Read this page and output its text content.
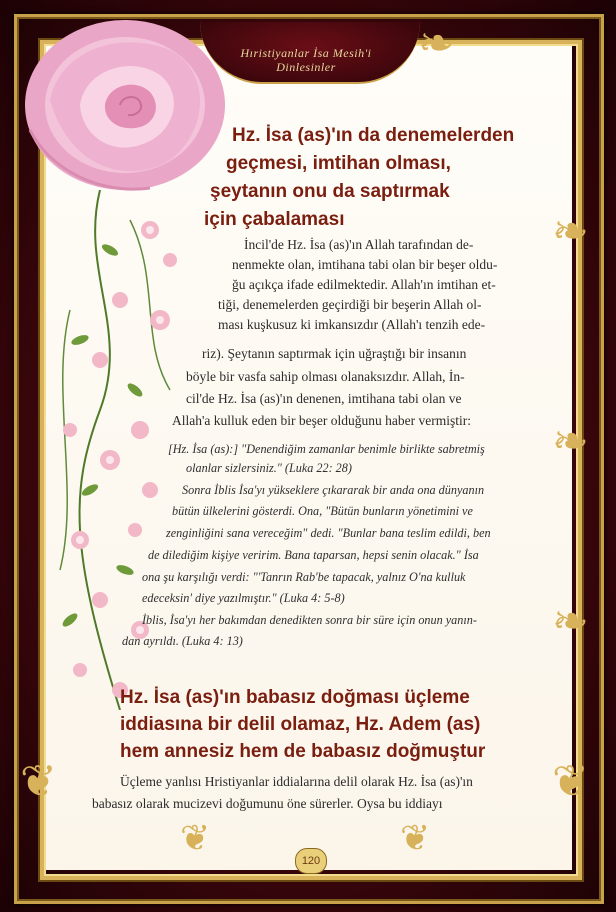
❦	❦
❧
❧
❧
❧
❦	❦
Hıristiyanlar İsa Mesih'i Dinlesinler
Hz. İsa (as)'ın da denemelerden
geçmesi, imtihan olması,
şeytanın onu da saptırmak
için çabalaması
İncil'de Hz. İsa (as)'ın Allah tarafından de-
nenmekte olan, imtihana tabi olan bir beşer oldu-
ğu açıkça ifade edilmektedir. Allah'ın imtihan et-
tiği, denemelerden geçirdiği bir beşerin Allah ol-
ması kuşkusuz ki imkansızdır (Allah'ı tenzih ede-
riz). Şeytanın saptırmak için uğraştığı bir insanın
böyle bir vasfa sahip olması olanaksızdır. Allah, İn-
cil'de Hz. İsa (as)'ın denenen, imtihana tabi olan ve
Allah'a kulluk eden bir beşer olduğunu haber vermiştir:
[Hz. İsa (as):] "Denendiğim zamanlar benimle birlikte sabretmiş
olanlar sizlersiniz." (Luka 22: 28)
Sonra İblis İsa'yı yükseklere çıkararak bir anda ona dünyanın
bütün ülkelerini gösterdi. Ona, "Bütün bunların yönetimini ve
zenginliğini sana vereceğim" dedi. "Bunlar bana teslim edildi, ben
de dilediğim kişiye veririm. Bana taparsan, hepsi senin olacak." İsa
ona şu karşılığı verdi: "'Tanrın Rab'be tapacak, yalnız O'na kulluk
edeceksin' diye yazılmıştır." (Luka 4: 5-8)
İblis, İsa'yı her bakımdan denedikten sonra bir süre için onun yanın-
dan ayrıldı. (Luka 4: 13)
Hz. İsa (as)'ın babasız doğması üçleme
iddiasına bir delil olamaz, Hz. Adem (as)
hem annesiz hem de babasız doğmuştur
Üçleme yanlısı Hristiyanlar iddialarına delil olarak Hz. İsa (as)'ın
babasız olarak mucizevi doğumunu öne sürerler. Oysa bu iddiayı
120
